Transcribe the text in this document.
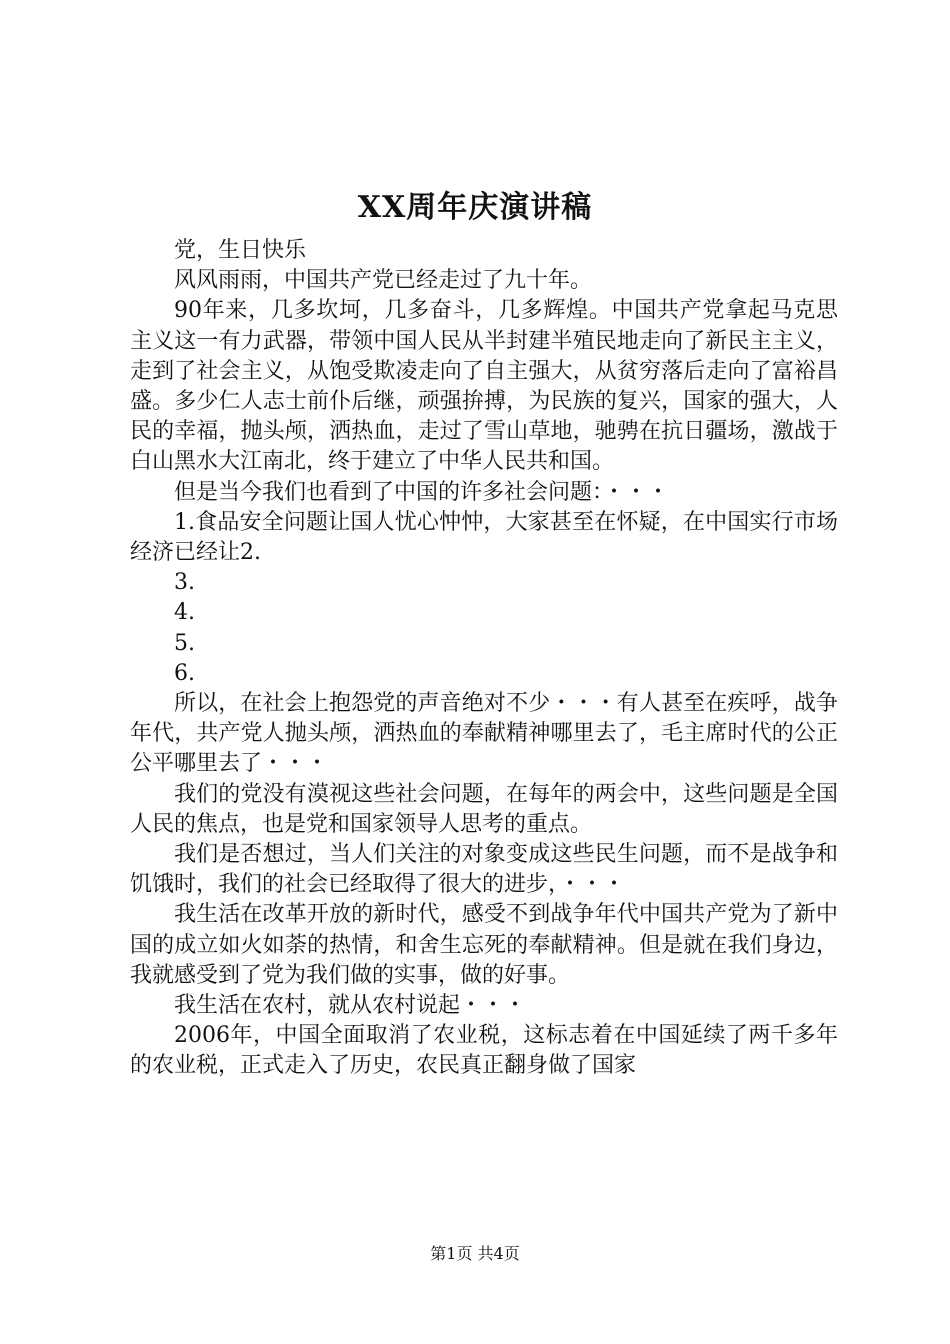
XX周年庆演讲稿

党，生日快乐

风风雨雨，中国共产党已经走过了九十年。

90年来，几多坎坷，几多奋斗，几多辉煌。中国共产党拿起马克思主义这一有力武器，带领中国人民从半封建半殖民地走向了新民主主义，走到了社会主义，从饱受欺凌走向了自主强大，从贫穷落后走向了富裕昌盛。多少仁人志士前仆后继，顽强拚搏，为民族的复兴，国家的强大，人民的幸福，抛头颅，洒热血，走过了雪山草地，驰骋在抗日疆场，激战于白山黑水大江南北，终于建立了中华人民共和国。

但是当今我们也看到了中国的许多社会问题：・・・

1.食品安全问题让国人忧心忡忡，大家甚至在怀疑，在中国实行市场经济已经让2.

3.

4.

5.

6.

所以，在社会上抱怨党的声音绝对不少・・・有人甚至在疾呼，战争年代，共产党人抛头颅，洒热血的奉献精神哪里去了，毛主席时代的公正公平哪里去了・・・

我们的党没有漠视这些社会问题，在每年的两会中，这些问题是全国人民的焦点，也是党和国家领导人思考的重点。

我们是否想过，当人们关注的对象变成这些民生问题，而不是战争和饥饿时，我们的社会已经取得了很大的进步，・・・

我生活在改革开放的新时代，感受不到战争年代中国共产党为了新中国的成立如火如荼的热情，和舍生忘死的奉献精神。但是就在我们身边，我就感受到了党为我们做的实事，做的好事。

我生活在农村，就从农村说起・・・

2006年，中国全面取消了农业税，这标志着在中国延续了两千多年的农业税，正式走入了历史，农民真正翻身做了国家

第1页 共4页
